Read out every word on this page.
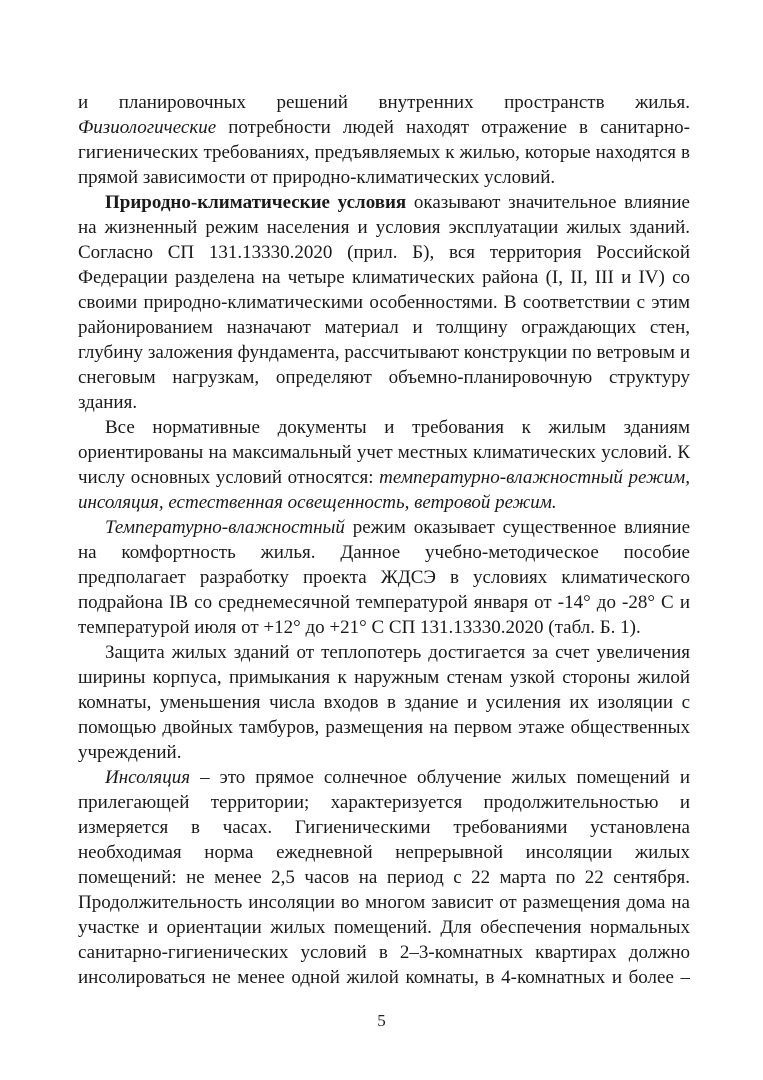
и планировочных решений внутренних пространств жилья.
Физиологические потребности людей находят отражение в санитарно-
гигиенических требованиях, предъявляемых к жилью, которые находятся в
прямой зависимости от природно-климатических условий.
Природно-климатические условия оказывают значительное влияние
на жизненный режим населения и условия эксплуатации жилых зданий.
Согласно СП 131.13330.2020 (прил. Б), вся территория Российской
Федерации разделена на четыре климатических района (I, II, III и IV) со
своими природно-климатическими особенностями. В соответствии с этим
районированием назначают материал и толщину ограждающих стен,
глубину заложения фундамента, рассчитывают конструкции по ветровым и
снеговым нагрузкам, определяют объемно-планировочную структуру
здания.
Все нормативные документы и требования к жилым зданиям
ориентированы на максимальный учет местных климатических условий. К
числу основных условий относятся: температурно-влажностный режим,
инсоляция, естественная освещенность, ветровой режим.
Температурно-влажностный режим оказывает существенное влияние
на комфортность жилья. Данное учебно-методическое пособие
предполагает разработку проекта ЖДСЭ в условиях климатического
подрайона IВ со среднемесячной температурой января от -14° до -28° С и
температурой июля от +12° до +21° С СП 131.13330.2020 (табл. Б. 1).
Защита жилых зданий от теплопотерь достигается за счет увеличения
ширины корпуса, примыкания к наружным стенам узкой стороны жилой
комнаты, уменьшения числа входов в здание и усиления их изоляции с
помощью двойных тамбуров, размещения на первом этаже общественных
учреждений.
Инсоляция – это прямое солнечное облучение жилых помещений и
прилегающей территории; характеризуется продолжительностью и
измеряется в часах. Гигиеническими требованиями установлена
необходимая норма ежедневной непрерывной инсоляции жилых
помещений: не менее 2,5 часов на период с 22 марта по 22 сентября.
Продолжительность инсоляции во многом зависит от размещения дома на
участке и ориентации жилых помещений. Для обеспечения нормальных
санитарно-гигиенических условий в 2–3-комнатных квартирах должно
инсолироваться не менее одной жилой комнаты, в 4-комнатных и более –
5
